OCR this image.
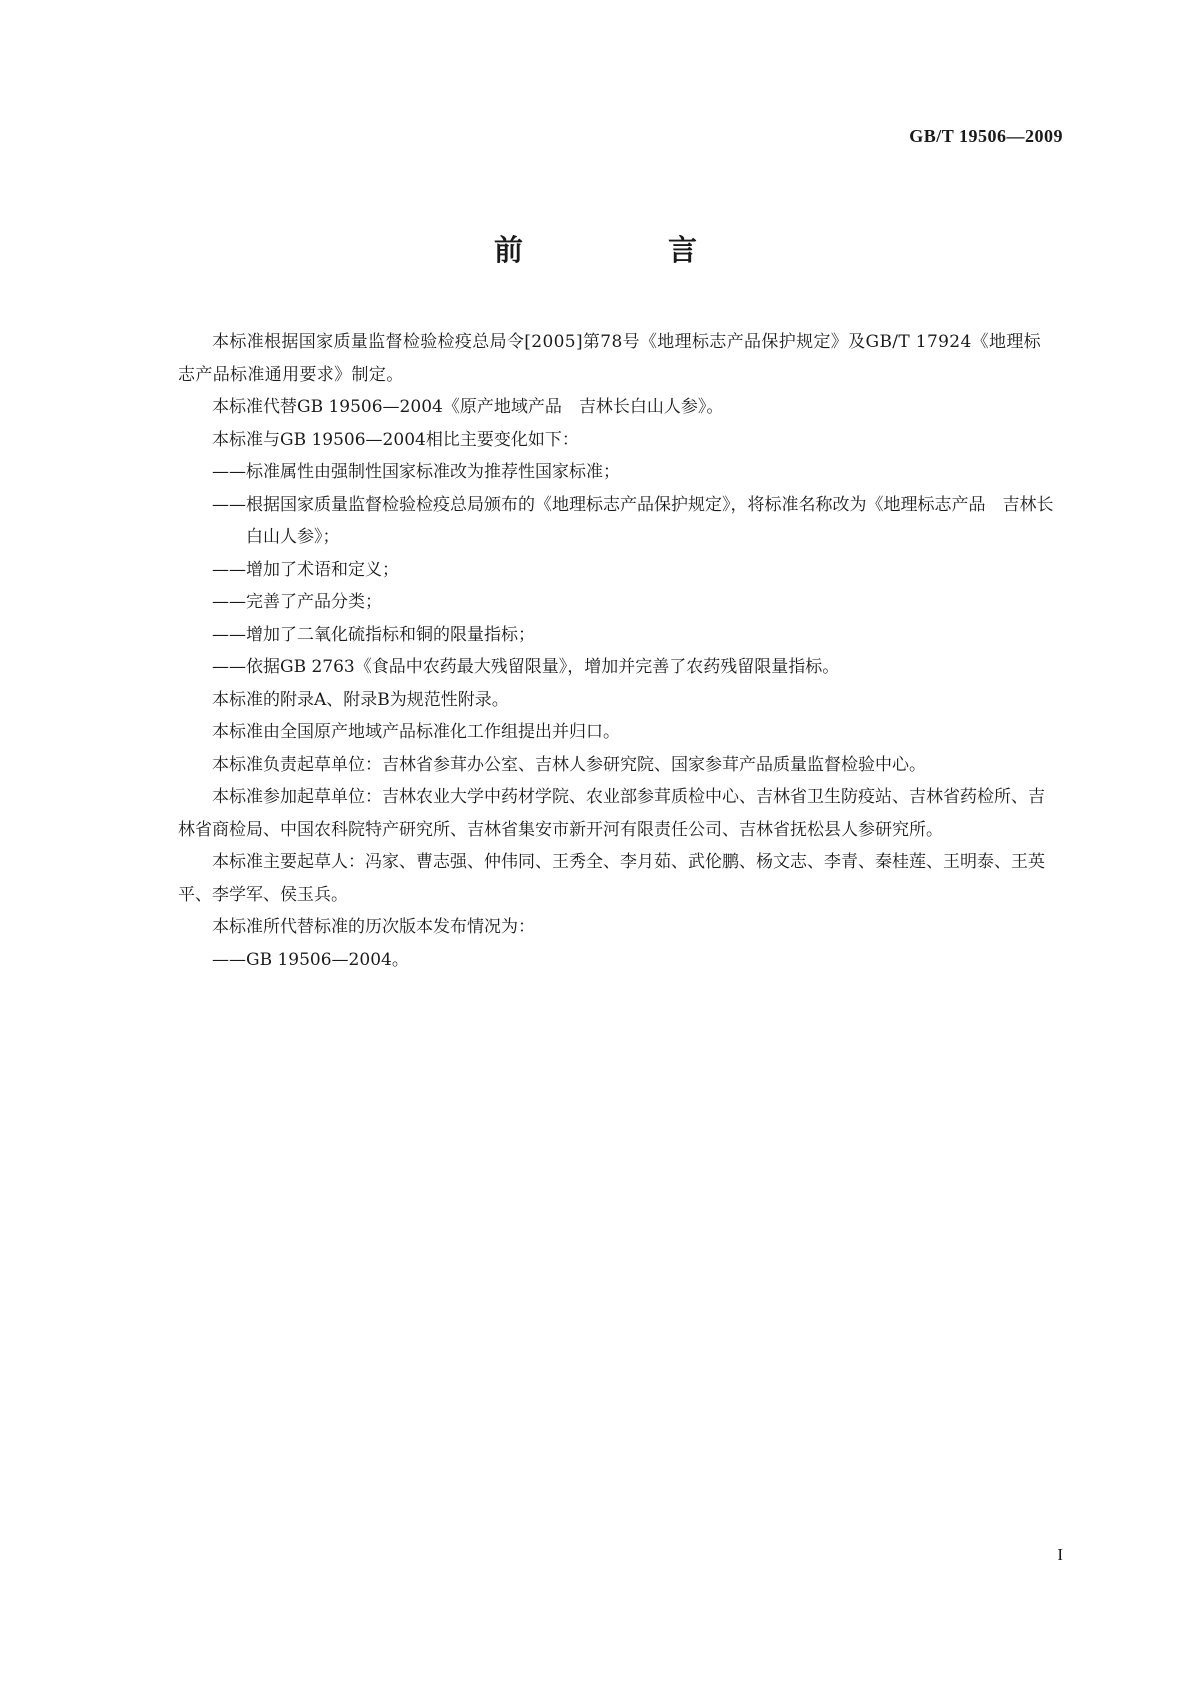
GB/T 19506—2009
前　言

本标准根据国家质量监督检验检疫总局令[2005]第78号《地理标志产品保护规定》及GB/T 17924《地理标志产品标准通用要求》制定。

本标准代替GB 19506—2004《原产地域产品　吉林长白山人参》。

本标准与GB 19506—2004相比主要变化如下：

——标准属性由强制性国家标准改为推荐性国家标准；

——根据国家质量监督检验检疫总局颁布的《地理标志产品保护规定》，将标准名称改为《地理标志产品　吉林长白山人参》；

——增加了术语和定义；

——完善了产品分类；

——增加了二氧化硫指标和铜的限量指标；

——依据GB 2763《食品中农药最大残留限量》，增加并完善了农药残留限量指标。

本标准的附录A、附录B为规范性附录。

本标准由全国原产地域产品标准化工作组提出并归口。

本标准负责起草单位：吉林省参茸办公室、吉林人参研究院、国家参茸产品质量监督检验中心。

本标准参加起草单位：吉林农业大学中药材学院、农业部参茸质检中心、吉林省卫生防疫站、吉林省药检所、吉林省商检局、中国农科院特产研究所、吉林省集安市新开河有限责任公司、吉林省抚松县人参研究所。

本标准主要起草人：冯家、曹志强、仲伟同、王秀全、李月茹、武伦鹏、杨文志、李青、秦桂莲、王明泰、王英平、李学军、侯玉兵。

本标准所代替标准的历次版本发布情况为：

——GB 19506—2004。

I
